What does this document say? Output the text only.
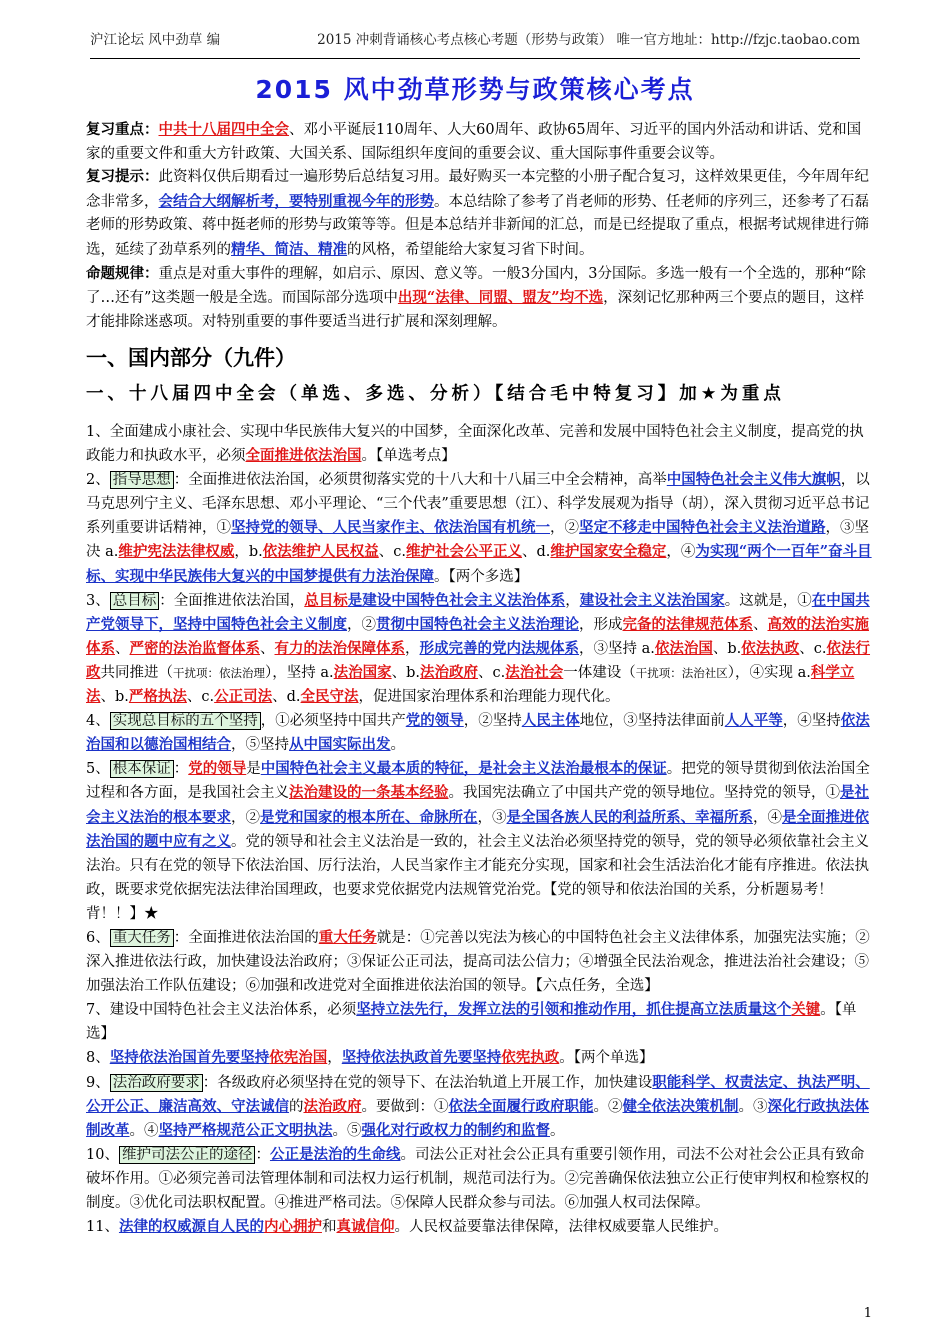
沪江论坛 风中劲草 编	2015 冲刺背诵核心考点核心考题（形势与政策） 唯一官方地址：http://fzjc.taobao.com
2015 风中劲草形势与政策核心考点

复习重点：中共十八届四中全会、邓小平诞辰110周年、人大60周年、政协65周年、习近平的国内外活动和讲话、党和国家的重要文件和重大方针政策、大国关系、国际组织年度间的重要会议、重大国际事件重要会议等。

复习提示：此资料仅供后期看过一遍形势后总结复习用。最好购买一本完整的小册子配合复习，这样效果更佳，今年周年纪念非常多，会结合大纲解析考，要特别重视今年的形势。本总结除了参考了肖老师的形势、任老师的序列三，还参考了石磊老师的形势政策、蒋中挺老师的形势与政策等等。但是本总结并非新闻的汇总，而是已经提取了重点，根据考试规律进行筛选，延续了劲草系列的精华、简洁、精准的风格，希望能给大家复习省下时间。

命题规律：重点是对重大事件的理解，如启示、原因、意义等。一般3分国内，3分国际。多选一般有一个全选的，那种“除了…还有”这类题一般是全选。而国际部分选项中出现“法律、同盟、盟友”均不选，深刻记忆那种两三个要点的题目，这样才能排除迷惑项。对特别重要的事件要适当进行扩展和深刻理解。

一、国内部分（九件）
一、十八届四中全会（单选、多选、分析）【结合毛中特复习】加★为重点

1、全面建成小康社会、实现中华民族伟大复兴的中国梦，全面深化改革、完善和发展中国特色社会主义制度，提高党的执政能力和执政水平，必须全面推进依法治国。【单选考点】

2、 指导思想 ：全面推进依法治国，必须贯彻落实党的十八大和十八届三中全会精神，高举中国特色社会主义伟大旗帜，以马克思列宁主义、毛泽东思想、邓小平理论、“三个代表”重要思想（江）、科学发展观为指导（胡），深入贯彻习近平总书记系列重要讲话精神，①坚持党的领导、人民当家作主、依法治国有机统一，②坚定不移走中国特色社会主义法治道路，③坚决 a.维护宪法法律权威，b.依法维护人民权益、c.维护社会公平正义、d.维护国家安全稳定，④为实现“两个一百年”奋斗目标、实现中华民族伟大复兴的中国梦提供有力法治保障。【两个多选】

3、 总目标 ：全面推进依法治国，总目标是建设中国特色社会主义法治体系，建设社会主义法治国家。这就是，①在中国共产党领导下，坚持中国特色社会主义制度，②贯彻中国特色社会主义法治理论，形成完备的法律规范体系、高效的法治实施体系、严密的法治监督体系、有力的法治保障体系，形成完善的党内法规体系，③坚持 a.依法治国、b.依法执政、c.依法行政共同推进（干扰项：依法治理），坚持 a.法治国家、b.法治政府、c.法治社会一体建设（干扰项：法治社区），④实现 a.科学立法、b.严格执法、c.公正司法、d.全民守法，促进国家治理体系和治理能力现代化。

4、 实现总目标的五个坚持 ，①必须坚持中国共产党的领导，②坚持人民主体地位，③坚持法律面前人人平等，④坚持依法治国和以德治国相结合，⑤坚持从中国实际出发。

5、 根本保证 ：党的领导是中国特色社会主义最本质的特征，是社会主义法治最根本的保证。把党的领导贯彻到依法治国全过程和各方面，是我国社会主义法治建设的一条基本经验。我国宪法确立了中国共产党的领导地位。坚持党的领导，①是社会主义法治的根本要求，②是党和国家的根本所在、命脉所在，③是全国各族人民的利益所系、幸福所系，④是全面推进依法治国的题中应有之义。党的领导和社会主义法治是一致的，社会主义法治必须坚持党的领导，党的领导必须依靠社会主义法治。只有在党的领导下依法治国、厉行法治，人民当家作主才能充分实现，国家和社会生活法治化才能有序推进。依法执政，既要求党依据宪法法律治国理政，也要求党依据党内法规管党治党。【党的领导和依法治国的关系，分析题易考！背！！】★

6、 重大任务 ：全面推进依法治国的重大任务就是：①完善以宪法为核心的中国特色社会主义法律体系，加强宪法实施；②深入推进依法行政，加快建设法治政府；③保证公正司法，提高司法公信力；④增强全民法治观念，推进法治社会建设；⑤加强法治工作队伍建设；⑥加强和改进党对全面推进依法治国的领导。【六点任务，全选】

7、建设中国特色社会主义法治体系，必须坚持立法先行，发挥立法的引领和推动作用，抓住提高立法质量这个关键。【单选】

8、坚持依法治国首先要坚持依宪治国，坚持依法执政首先要坚持依宪执政。【两个单选】

9、 法治政府要求 ：各级政府必须坚持在党的领导下、在法治轨道上开展工作，加快建设职能科学、权责法定、执法严明、公开公正、廉洁高效、守法诚信的法治政府。要做到：①依法全面履行政府职能。②健全依法决策机制。③深化行政执法体制改革。④坚持严格规范公正文明执法。⑤强化对行政权力的制约和监督。

10、 维护司法公正的途径 ：公正是法治的生命线。司法公正对社会公正具有重要引领作用，司法不公对社会公正具有致命破坏作用。①必须完善司法管理体制和司法权力运行机制，规范司法行为。②完善确保依法独立公正行使审判权和检察权的制度。③优化司法职权配置。④推进严格司法。⑤保障人民群众参与司法。⑥加强人权司法保障。

11、法律的权威源自人民的内心拥护和真诚信仰。人民权益要靠法律保障，法律权威要靠人民维护。

1
